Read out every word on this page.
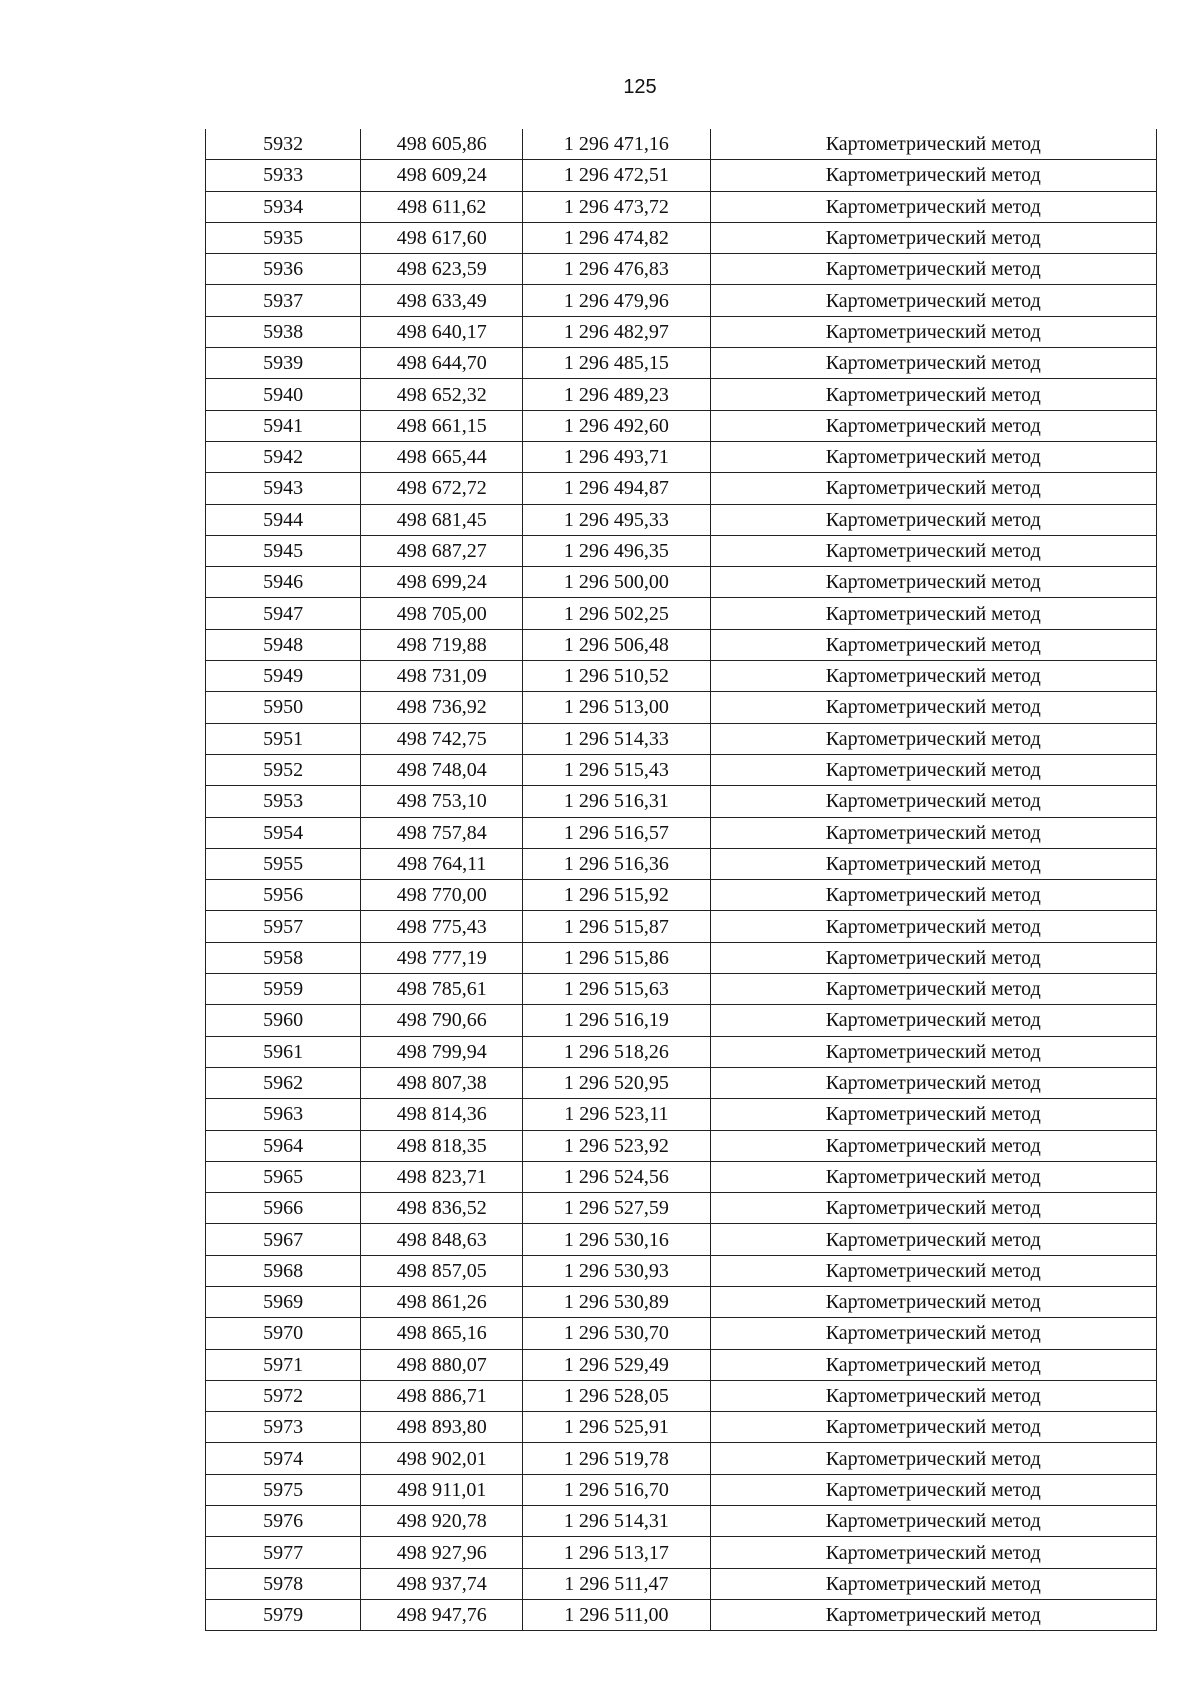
125
5932	498 605,86	1 296 471,16	Картометрический метод
5933	498 609,24	1 296 472,51	Картометрический метод
5934	498 611,62	1 296 473,72	Картометрический метод
5935	498 617,60	1 296 474,82	Картометрический метод
5936	498 623,59	1 296 476,83	Картометрический метод
5937	498 633,49	1 296 479,96	Картометрический метод
5938	498 640,17	1 296 482,97	Картометрический метод
5939	498 644,70	1 296 485,15	Картометрический метод
5940	498 652,32	1 296 489,23	Картометрический метод
5941	498 661,15	1 296 492,60	Картометрический метод
5942	498 665,44	1 296 493,71	Картометрический метод
5943	498 672,72	1 296 494,87	Картометрический метод
5944	498 681,45	1 296 495,33	Картометрический метод
5945	498 687,27	1 296 496,35	Картометрический метод
5946	498 699,24	1 296 500,00	Картометрический метод
5947	498 705,00	1 296 502,25	Картометрический метод
5948	498 719,88	1 296 506,48	Картометрический метод
5949	498 731,09	1 296 510,52	Картометрический метод
5950	498 736,92	1 296 513,00	Картометрический метод
5951	498 742,75	1 296 514,33	Картометрический метод
5952	498 748,04	1 296 515,43	Картометрический метод
5953	498 753,10	1 296 516,31	Картометрический метод
5954	498 757,84	1 296 516,57	Картометрический метод
5955	498 764,11	1 296 516,36	Картометрический метод
5956	498 770,00	1 296 515,92	Картометрический метод
5957	498 775,43	1 296 515,87	Картометрический метод
5958	498 777,19	1 296 515,86	Картометрический метод
5959	498 785,61	1 296 515,63	Картометрический метод
5960	498 790,66	1 296 516,19	Картометрический метод
5961	498 799,94	1 296 518,26	Картометрический метод
5962	498 807,38	1 296 520,95	Картометрический метод
5963	498 814,36	1 296 523,11	Картометрический метод
5964	498 818,35	1 296 523,92	Картометрический метод
5965	498 823,71	1 296 524,56	Картометрический метод
5966	498 836,52	1 296 527,59	Картометрический метод
5967	498 848,63	1 296 530,16	Картометрический метод
5968	498 857,05	1 296 530,93	Картометрический метод
5969	498 861,26	1 296 530,89	Картометрический метод
5970	498 865,16	1 296 530,70	Картометрический метод
5971	498 880,07	1 296 529,49	Картометрический метод
5972	498 886,71	1 296 528,05	Картометрический метод
5973	498 893,80	1 296 525,91	Картометрический метод
5974	498 902,01	1 296 519,78	Картометрический метод
5975	498 911,01	1 296 516,70	Картометрический метод
5976	498 920,78	1 296 514,31	Картометрический метод
5977	498 927,96	1 296 513,17	Картометрический метод
5978	498 937,74	1 296 511,47	Картометрический метод
5979	498 947,76	1 296 511,00	Картометрический метод
